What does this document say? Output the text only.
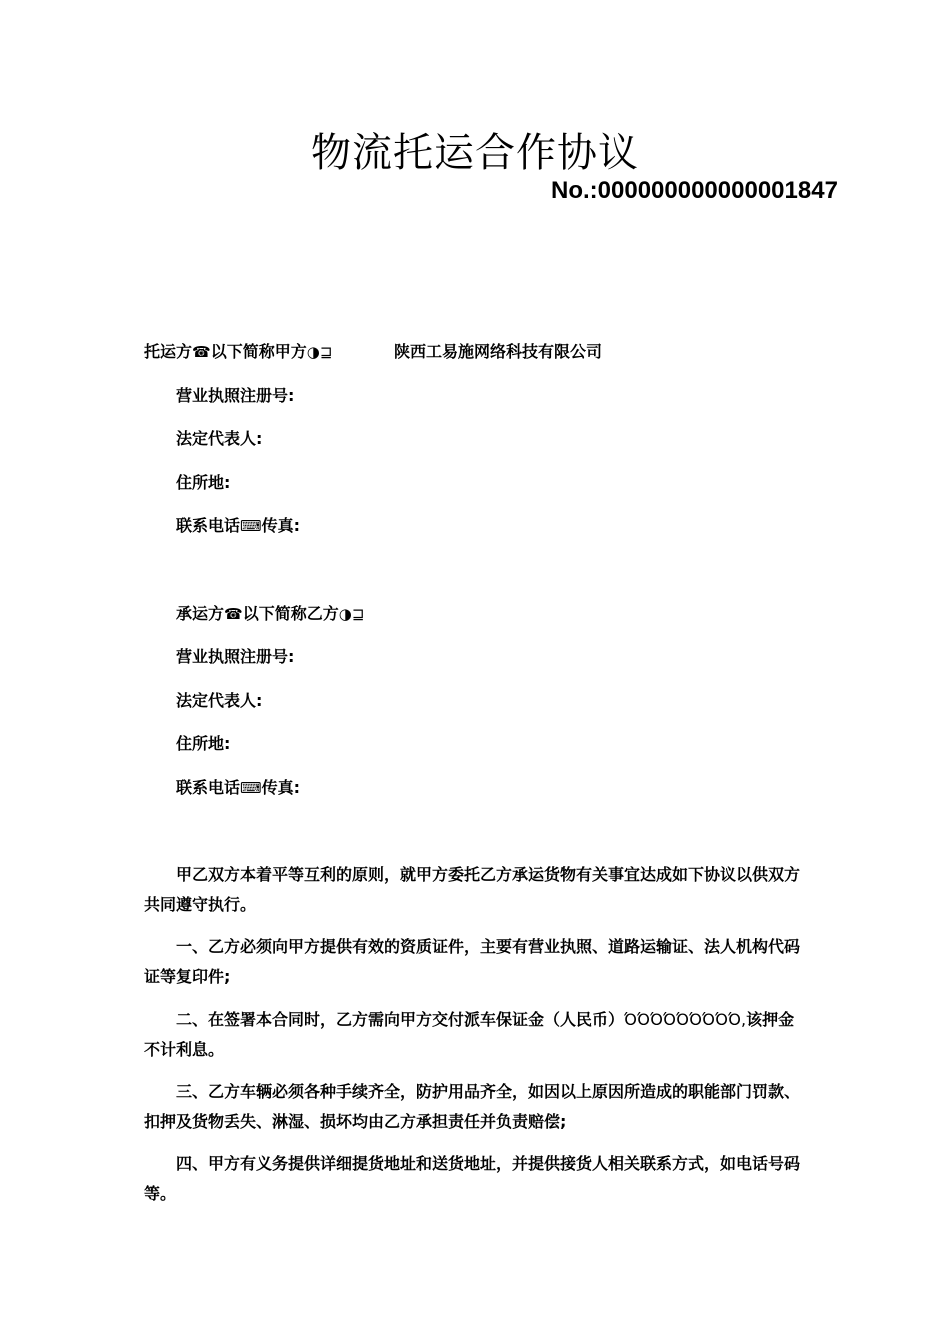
物流托运合作协议

No.:000000000000001847

托运方☎以下简称甲方◑⊒	陕西工易施网络科技有限公司
营业执照注册号:
法定代表人:
住所地:
联系电话⌨传真:
承运方☎以下简称乙方◑⊒
营业执照注册号:
法定代表人:
住所地:
联系电话⌨传真:

甲乙双方本着平等互利的原则，就甲方委托乙方承运货物有关事宜达成如下协议以供双方共同遵守执行。

一、乙方必须向甲方提供有效的资质证件，主要有营业执照、道路运输证、法人机构代码证等复印件;

二、在签署本合同时，乙方需向甲方交付派车保证金（人民币）ΌΌΌΌΌΌΌΌΌ,该押金不计利息。

三、乙方车辆必须各种手续齐全，防护用品齐全，如因以上原因所造成的职能部门罚款、扣押及货物丢失、淋湿、损坏均由乙方承担责任并负责赔偿;

四、甲方有义务提供详细提货地址和送货地址，并提供接货人相关联系方式，如电话号码等。
